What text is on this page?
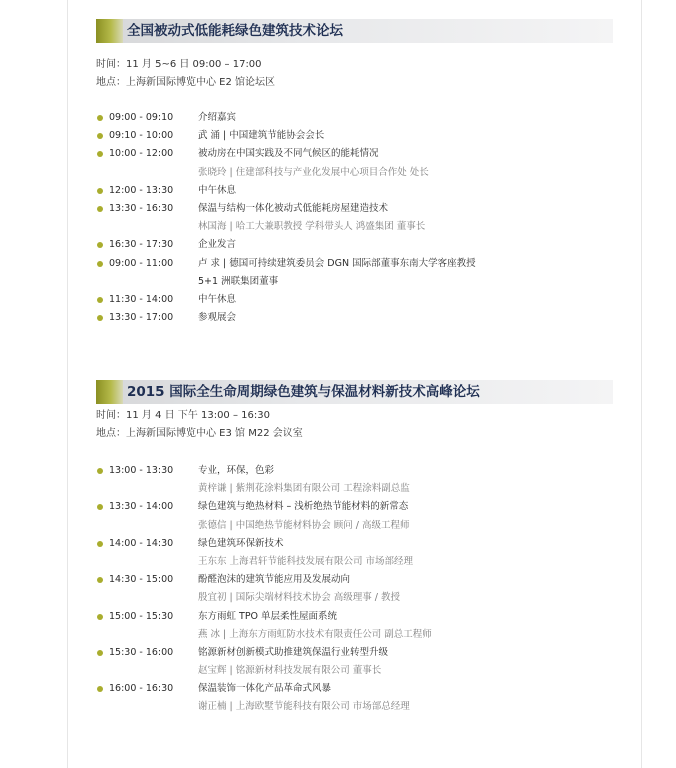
全国被动式低能耗绿色建筑技术论坛
时间：11 月 5~6 日 09:00 – 17:00
地点：上海新国际博览中心 E2 馆论坛区
09:00 - 09:10	介绍嘉宾
09:10 - 10:00	武 涌 | 中国建筑节能协会会长
10:00 - 12:00	被动房在中国实践及不同气候区的能耗情况
张晓玲 | 住建部科技与产业化发展中心项目合作处 处长
12:00 - 13:30	中午休息
13:30 - 16:30	保温与结构一体化被动式低能耗房屋建造技术
林国海 | 哈工大兼职教授 学科带头人 鸿盛集团 董事长
16:30 - 17:30	企业发言
09:00 - 11:00	卢 求 | 德国可持续建筑委员会 DGN 国际部董事东南大学客座教授
5+1 洲联集团董事
11:30 - 14:00	中午休息
13:30 - 17:00	参观展会
2015 国际全生命周期绿色建筑与保温材料新技术高峰论坛
时间：11 月 4 日 下午 13:00 – 16:30
地点：上海新国际博览中心 E3 馆 M22 会议室
13:00 - 13:30	专业，环保，色彩
黄梓谦 | 紫荆花涂料集团有限公司 工程涂料副总监
13:30 - 14:00	绿色建筑与绝热材料 – 浅析绝热节能材料的新常态
张德信 | 中国绝热节能材料协会 顾问 / 高级工程师
14:00 - 14:30	绿色建筑环保新技术
王东东 上海君轩节能科技发展有限公司 市场部经理
14:30 - 15:00	酚醛泡沫的建筑节能应用及发展动向
殷宜初 | 国际尖端材料技术协会 高级理事 / 教授
15:00 - 15:30	东方雨虹 TPO 单层柔性屋面系统
燕 冰 | 上海东方雨虹防水技术有限责任公司 副总工程师
15:30 - 16:00	铭源新材创新模式助推建筑保温行业转型升级
赵宝辉 | 铭源新材科技发展有限公司 董事长
16:00 - 16:30	保温装饰一体化产品革命式风暴
谢正楠 | 上海欧墅节能科技有限公司 市场部总经理
